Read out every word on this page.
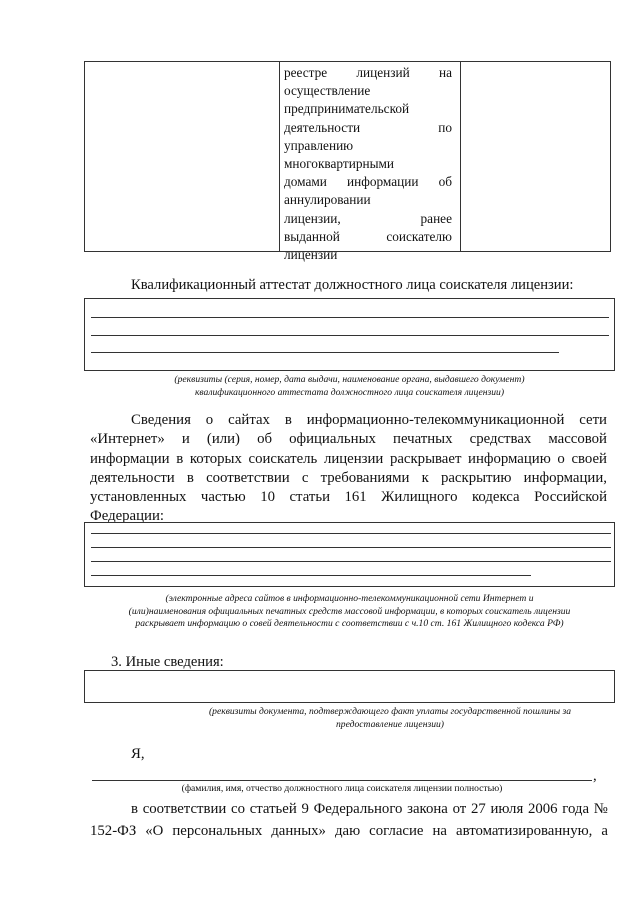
реестре лицензий на
осуществление
предпринимательской
деятельности	по
управлению
многоквартирными
домами информации об
аннулировании
лицензии,	ранее
выданной	соискателю
лицензии
Квалификационный аттестат должностного лица соискателя лицензии:
(реквизиты (серия, номер, дата выдачи, наименование органа, выдавшего документ)
квалификационного аттестата должностного лица соискателя лицензии)
Сведения о сайтах в информационно-телекоммуникационной сети
«Интернет» и (или) об официальных печатных средствах массовой
информации в которых соискатель лицензии раскрывает информацию о своей
деятельности в соответствии с требованиями к раскрытию информации,
установленных частью 10 статьи 161 Жилищного кодекса Российской
Федерации:
(электронные адреса сайтов в информационно-телекоммуникационной сети Интернет и
(или)наименования официальных печатных средств массовой информации, в которых соискатель лицензии
раскрывает информацию о совей деятельности с соответствии с ч.10 ст. 161 Жилищного кодекса РФ)
3. Иные сведения:
(реквизиты документа, подтверждающего факт уплаты государственной пошлины за
предоставление лицензии)
Я,
,
(фамилия, имя, отчество должностного лица соискателя лицензии полностью)
в соответствии со статьей 9 Федерального закона от 27 июля 2006 года №
152-ФЗ «О персональных данных» даю согласие на автоматизированную, а
